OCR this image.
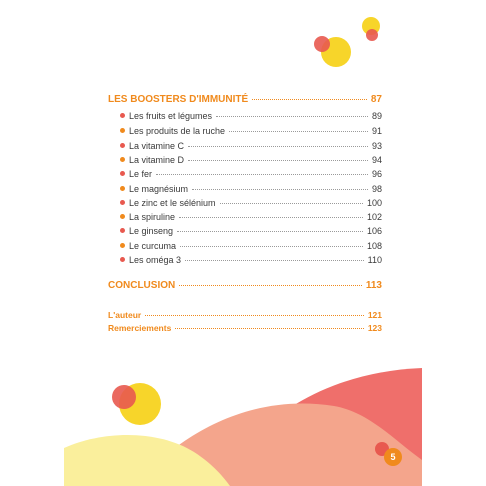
LES BOOSTERS D'IMMUNITÉ	87
Les fruits et légumes	89
Les produits de la ruche	91
La vitamine C	93
La vitamine D	94
Le fer	96
Le magnésium	98
Le zinc et le sélénium	100
La spiruline	102
Le ginseng	106
Le curcuma	108
Les oméga 3	110
CONCLUSION	113
L'auteur	121
Remerciements	123
5
